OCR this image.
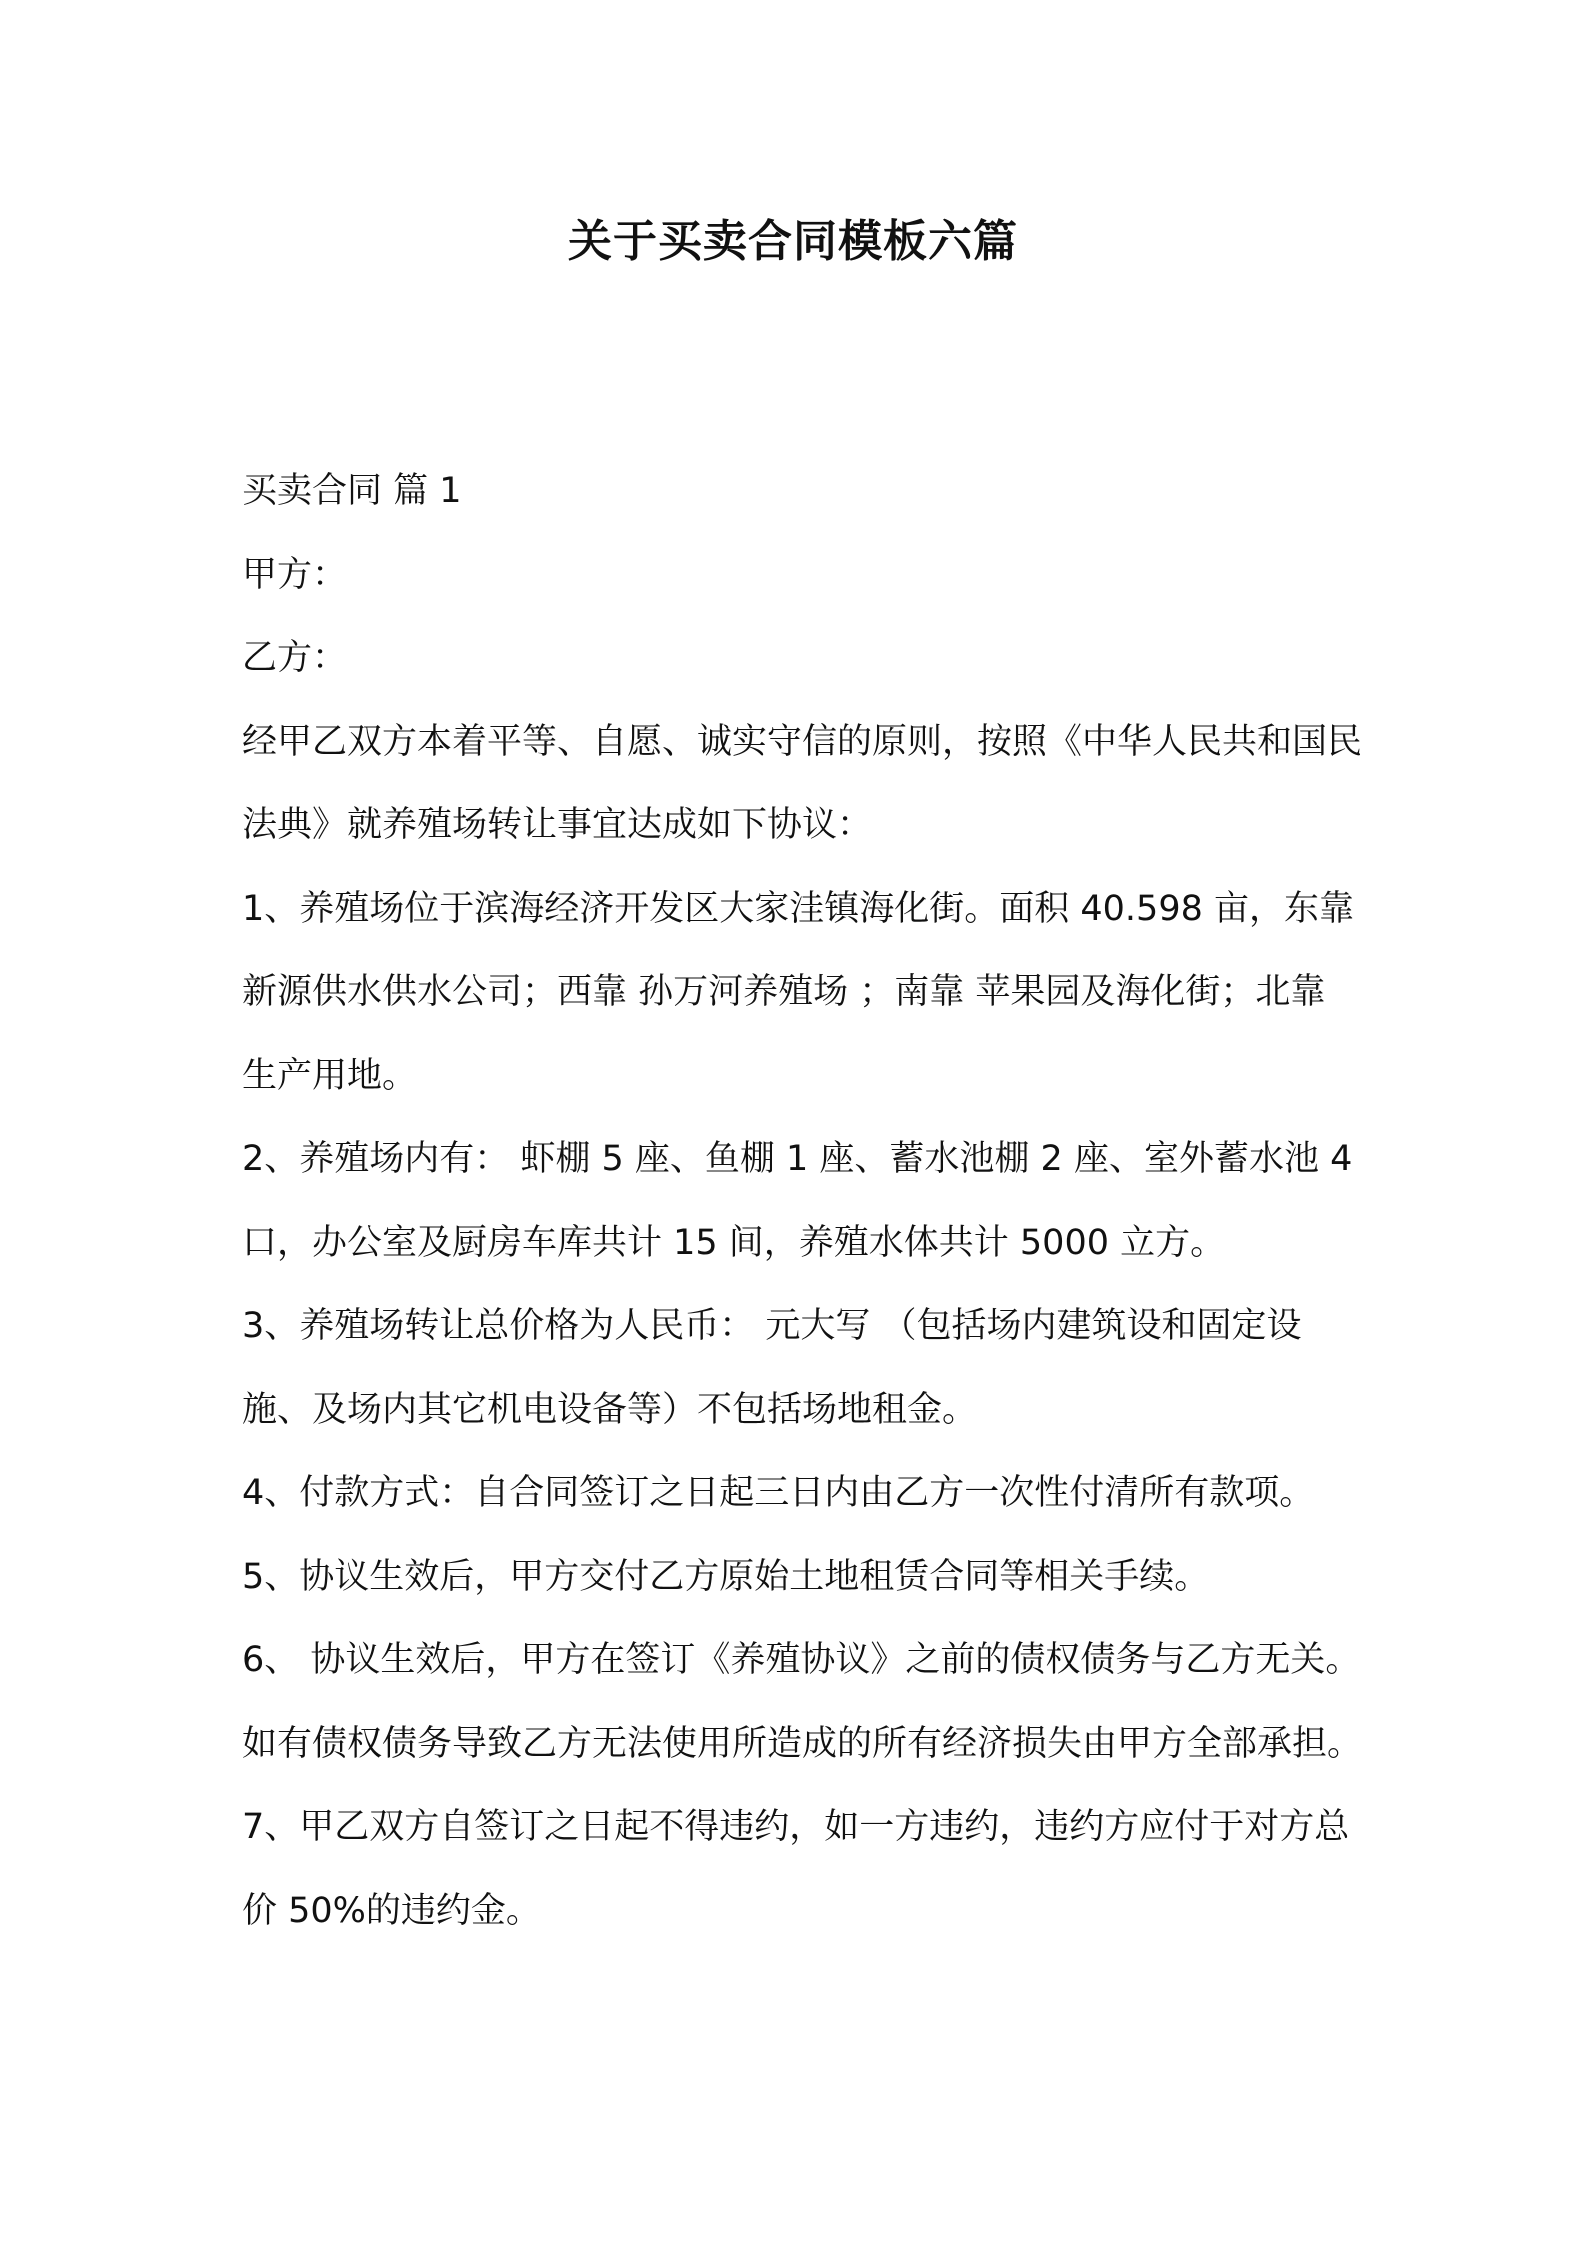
关于买卖合同模板六篇

买卖合同 篇 1

甲方：

乙方：

经甲乙双方本着平等、自愿、诚实守信的原则，按照《中华人民共和国民法典》就养殖场转让事宜达成如下协议：

1、养殖场位于滨海经济开发区大家洼镇海化街。面积 40.598 亩，东靠 新源供水供水公司；西靠 孙万河养殖场 ；南靠 苹果园及海化街；北靠 生产用地。

2、养殖场内有： 虾棚 5 座、鱼棚 1 座、蓄水池棚 2 座、室外蓄水池 4 口，办公室及厨房车库共计 15 间，养殖水体共计 5000 立方。

3、养殖场转让总价格为人民币： 元大写 （包括场内建筑设和固定设施、及场内其它机电设备等）不包括场地租金。

4、付款方式：自合同签订之日起三日内由乙方一次性付清所有款项。

5、协议生效后，甲方交付乙方原始土地租赁合同等相关手续。

6、 协议生效后，甲方在签订《养殖协议》之前的债权债务与乙方无关。如有债权债务导致乙方无法使用所造成的所有经济损失由甲方全部承担。

7、甲乙双方自签订之日起不得违约，如一方违约，违约方应付于对方总价 50%的违约金。
